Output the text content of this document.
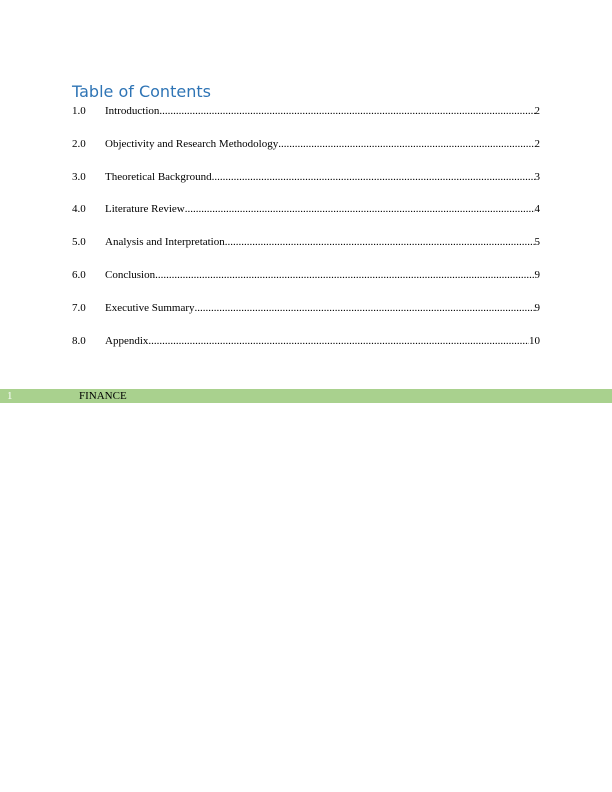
Table of Contents
1.0	Introduction .....	2
2.0	Objectivity and Research Methodology .....	2
3.0	Theoretical Background .....	3
4.0	Literature Review .....	4
5.0	Analysis and Interpretation .....	5
6.0	Conclusion .....	9
7.0	Executive Summary .....	9
8.0	Appendix .....	10
1	FINANCE
